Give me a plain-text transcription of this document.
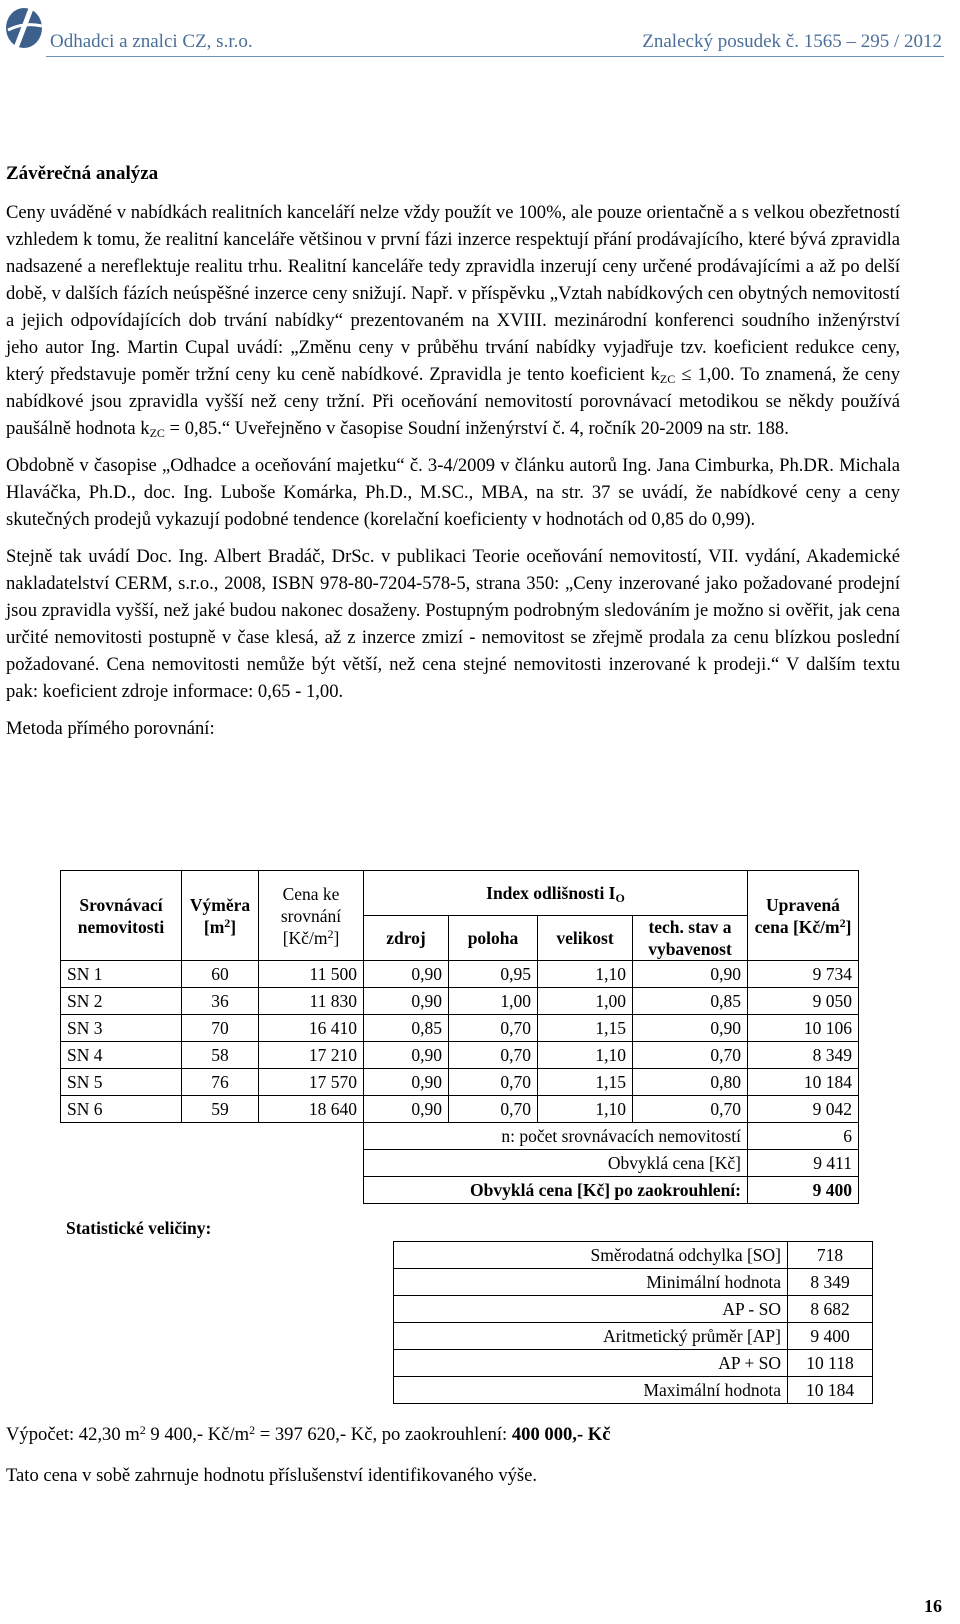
Odhadci a znalci CZ, s.r.o.	Znalecký posudek č. 1565 – 295 / 2012
Závěrečná analýza

Ceny uváděné v nabídkách realitních kanceláří nelze vždy použít ve 100%, ale pouze orientačně a s velkou obezřetností vzhledem k tomu, že realitní kanceláře většinou v první fázi inzerce respektují přání prodávajícího, které bývá zpravidla nadsazené a nereflektuje realitu trhu. Realitní kanceláře tedy zpravidla inzerují ceny určené prodávajícími a až po delší době, v dalších fázích neúspěšné inzerce ceny snižují. Např. v příspěvku „Vztah nabídkových cen obytných nemovitostí a jejich odpovídajících dob trvání nabídky“ prezentovaném na XVIII. mezinárodní konferenci soudního inženýrství jeho autor Ing. Martin Cupal uvádí: „Změnu ceny v průběhu trvání nabídky vyjadřuje tzv. koeficient redukce ceny, který představuje poměr tržní ceny ku ceně nabídkové. Zpravidla je tento koeficient $k_{ZC} \le 1,00$. To znamená, že ceny nabídkové jsou zpravidla vyšší než ceny tržní. Při oceňování nemovitostí porovnávací metodikou se někdy používá paušálně hodnota $k_{ZC}$ = 0,85.“ Uveřejněno v časopise Soudní inženýrství č. 4, ročník 20-2009 na str. 188.

Obdobně v časopise „Odhadce a oceňování majetku“ č. 3-4/2009 v článku autorů Ing. Jana Cimburka, Ph.DR. Michala Hlaváčka, Ph.D., doc. Ing. Luboše Komárka, Ph.D., M.SC., MBA, na str. 37 se uvádí, že nabídkové ceny a ceny skutečných prodejů vykazují podobné tendence (korelační koeficienty v hodnotách od 0,85 do 0,99).

Stejně tak uvádí Doc. Ing. Albert Bradáč, DrSc. v publikaci Teorie oceňování nemovitostí, VII. vydání, Akademické nakladatelství CERM, s.r.o., 2008, ISBN 978-80-7204-578-5, strana 350: „Ceny inzerované jako požadované prodejní jsou zpravidla vyšší, než jaké budou nakonec dosaženy. Postupným podrobným sledováním je možno si ověřit, jak cena určité nemovitosti postupně v čase klesá, až z inzerce zmizí - nemovitost se zřejmě prodala za cenu blízkou poslední požadované. Cena nemovitosti nemůže být větší, než cena stejné nemovitosti inzerované k prodeji.“ V dalším textu pak: koeficient zdroje informace: 0,65 - 1,00.

Metoda přímého porovnání:
Srovnávací nemovitosti	Výměra $[m^2]$	Cena ke srovnání $[Kč/m^2]$	Index odlišnosti $I_O$				Upravená cena $[Kč/m^2]$
			zdroj	poloha	velikost	tech. stav a vybavenost	
SN 1	60	11 500	0,90	0,95	1,10	0,90	9 734
SN 2	36	11 830	0,90	1,00	1,00	0,85	9 050
SN 3	70	16 410	0,85	0,70	1,15	0,90	10 106
SN 4	58	17 210	0,90	0,70	1,10	0,70	8 349
SN 5	76	17 570	0,90	0,70	1,15	0,80	10 184
SN 6	59	18 640	0,90	0,70	1,10	0,70	9 042
			n: počet srovnávacích nemovitostí				6
			Obvyklá cena [Kč]				9 411
			Obvyklá cena [Kč] po zaokrouhlení:				9 400
Statistické veličiny:
Směrodatná odchylka [SO]	718
Minimální hodnota	8 349
AP - SO	8 682
Aritmetický průměr [AP]	9 400
AP + SO	10 118
Maximální hodnota	10 184
Výpočet: 42,30 $m^2$ 9 400,- $Kč/m^2 = 397$ 620,- Kč, po zaokrouhlení: 400 000,- Kč
Tato cena v sobě zahrnuje hodnotu příslušenství identifikovaného výše.
16
